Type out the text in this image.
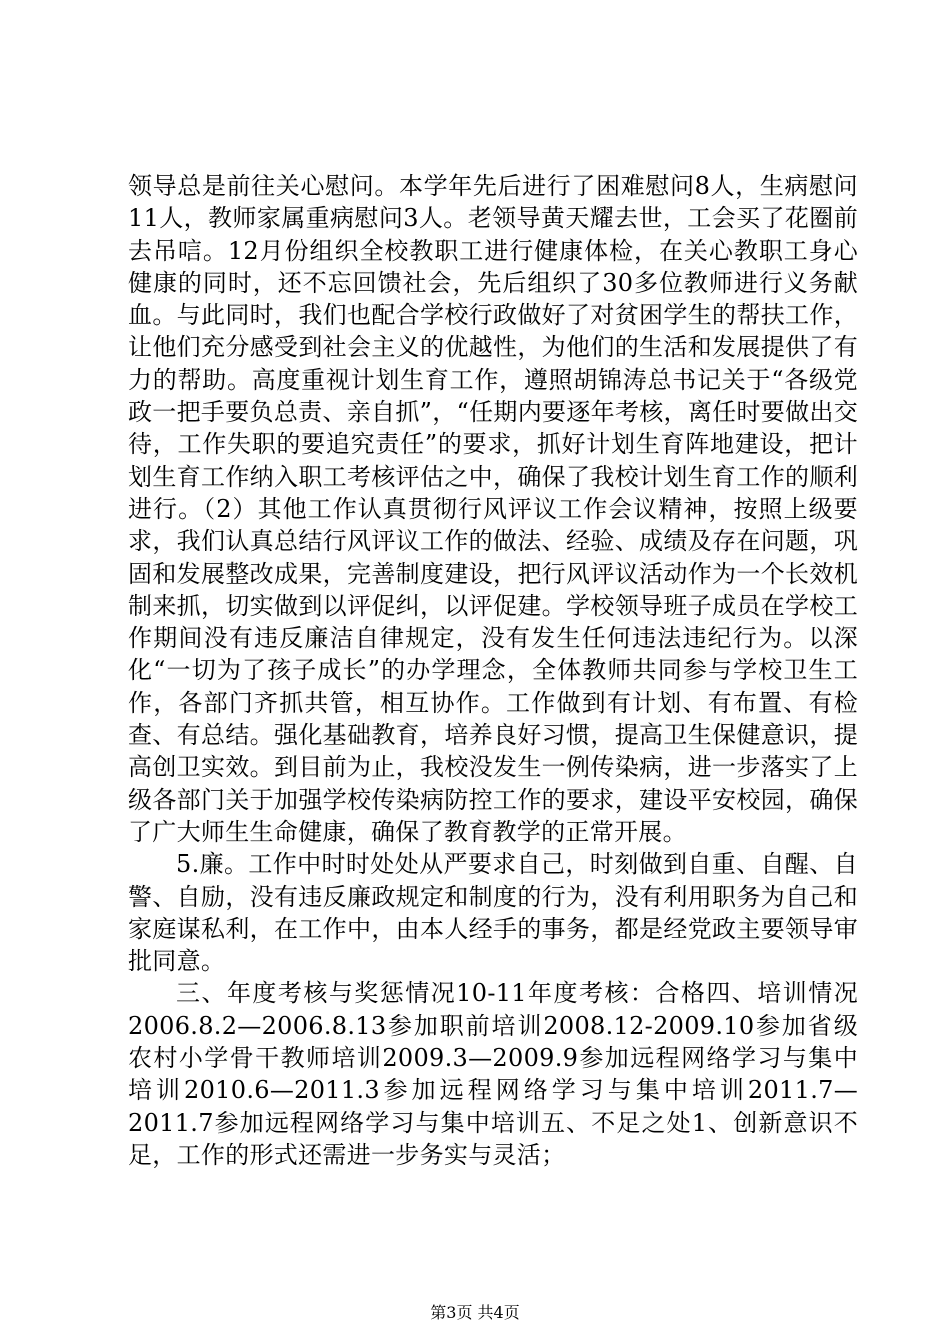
领导总是前往关心慰问。本学年先后进行了困难慰问8人，生病慰问11人，教师家属重病慰问3人。老领导黄天耀去世，工会买了花圈前去吊唁。12月份组织全校教职工进行健康体检，在关心教职工身心健康的同时，还不忘回馈社会，先后组织了30多位教师进行义务献血。与此同时，我们也配合学校行政做好了对贫困学生的帮扶工作，让他们充分感受到社会主义的优越性，为他们的生活和发展提供了有力的帮助。高度重视计划生育工作，遵照胡锦涛总书记关于“各级党政一把手要负总责、亲自抓”，“任期内要逐年考核，离任时要做出交待，工作失职的要追究责任”的要求，抓好计划生育阵地建设，把计划生育工作纳入职工考核评估之中，确保了我校计划生育工作的顺利进行。（2）其他工作认真贯彻行风评议工作会议精神，按照上级要求，我们认真总结行风评议工作的做法、经验、成绩及存在问题，巩固和发展整改成果，完善制度建设，把行风评议活动作为一个长效机制来抓，切实做到以评促纠，以评促建。学校领导班子成员在学校工作期间没有违反廉洁自律规定，没有发生任何违法违纪行为。以深化“一切为了孩子成长”的办学理念，全体教师共同参与学校卫生工作，各部门齐抓共管，相互协作。工作做到有计划、有布置、有检查、有总结。强化基础教育，培养良好习惯，提高卫生保健意识，提高创卫实效。到目前为止，我校没发生一例传染病，进一步落实了上级各部门关于加强学校传染病防控工作的要求，建设平安校园，确保了广大师生生命健康，确保了教育教学的正常开展。

5.廉。工作中时时处处从严要求自己，时刻做到自重、自醒、自警、自励，没有违反廉政规定和制度的行为，没有利用职务为自己和家庭谋私利，在工作中，由本人经手的事务，都是经党政主要领导审批同意。

三、年度考核与奖惩情况10-11年度考核：合格四、培训情况2006.8.2—2006.8.13参加职前培训2008.12-2009.10参加省级农村小学骨干教师培训2009.3—2009.9参加远程网络学习与集中培训2010.6—2011.3参加远程网络学习与集中培训2011.7—2011.7参加远程网络学习与集中培训五、不足之处1、创新意识不足，工作的形式还需进一步务实与灵活；

第3页 共4页
